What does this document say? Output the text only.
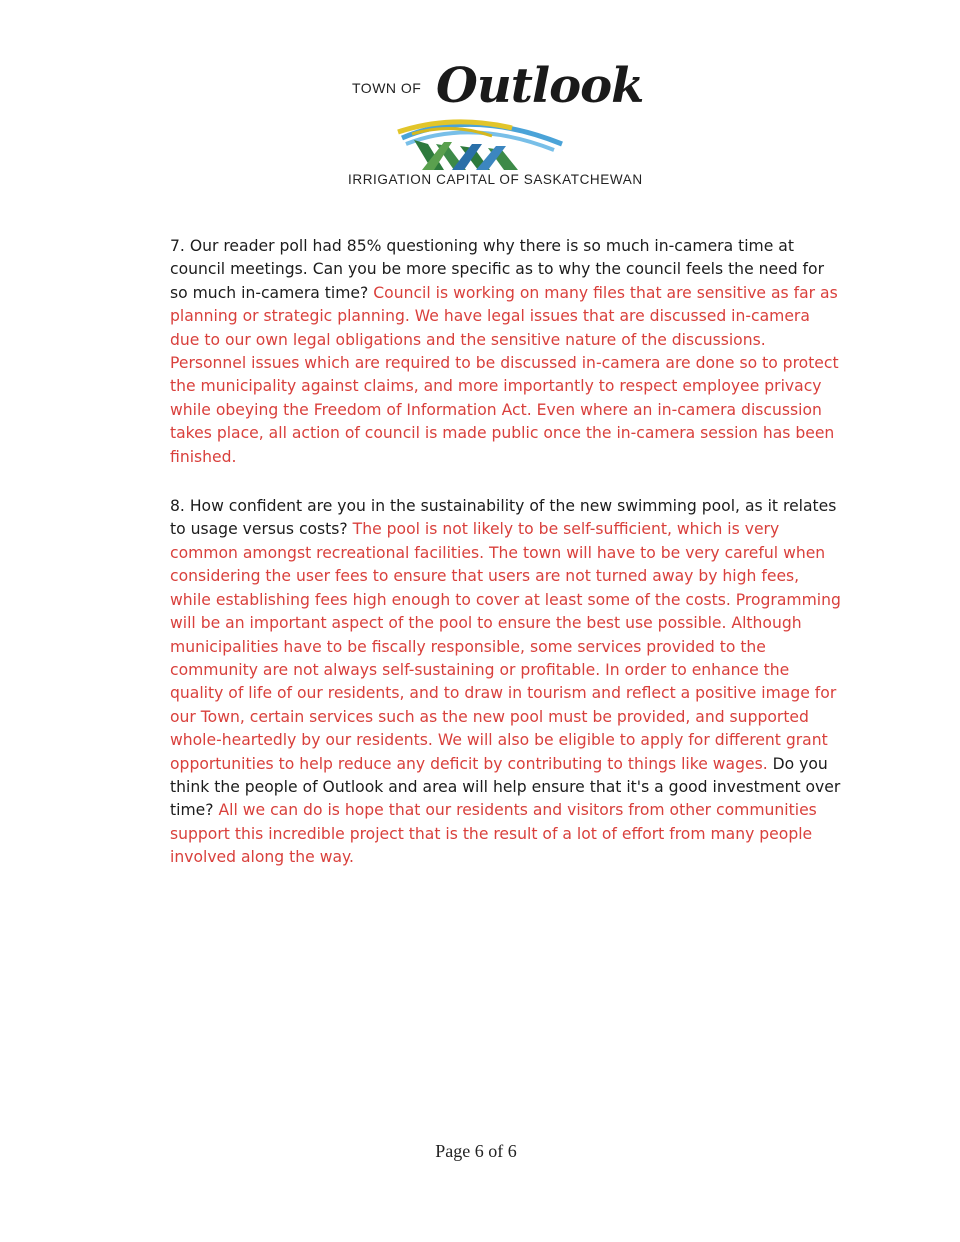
TOWN OF Outlook
IRRIGATION CAPITAL OF SASKATCHEWAN

7. Our reader poll had 85% questioning why there is so much in-camera time at council meetings. Can you be more specific as to why the council feels the need for so much in-camera time? Council is working on many files that are sensitive as far as planning or strategic planning. We have legal issues that are discussed in-camera due to our own legal obligations and the sensitive nature of the discussions. Personnel issues which are required to be discussed in-camera are done so to protect the municipality against claims, and more importantly to respect employee privacy while obeying the Freedom of Information Act. Even where an in-camera discussion takes place, all action of council is made public once the in-camera session has been finished.

8. How confident are you in the sustainability of the new swimming pool, as it relates to usage versus costs? The pool is not likely to be self-sufficient, which is very common amongst recreational facilities. The town will have to be very careful when considering the user fees to ensure that users are not turned away by high fees, while establishing fees high enough to cover at least some of the costs. Programming will be an important aspect of the pool to ensure the best use possible. Although municipalities have to be fiscally responsible, some services provided to the community are not always self-sustaining or profitable. In order to enhance the quality of life of our residents, and to draw in tourism and reflect a positive image for our Town, certain services such as the new pool must be provided, and supported whole-heartedly by our residents. We will also be eligible to apply for different grant opportunities to help reduce any deficit by contributing to things like wages. Do you think the people of Outlook and area will help ensure that it's a good investment over time? All we can do is hope that our residents and visitors from other communities support this incredible project that is the result of a lot of effort from many people involved along the way.

Page 6 of 6
